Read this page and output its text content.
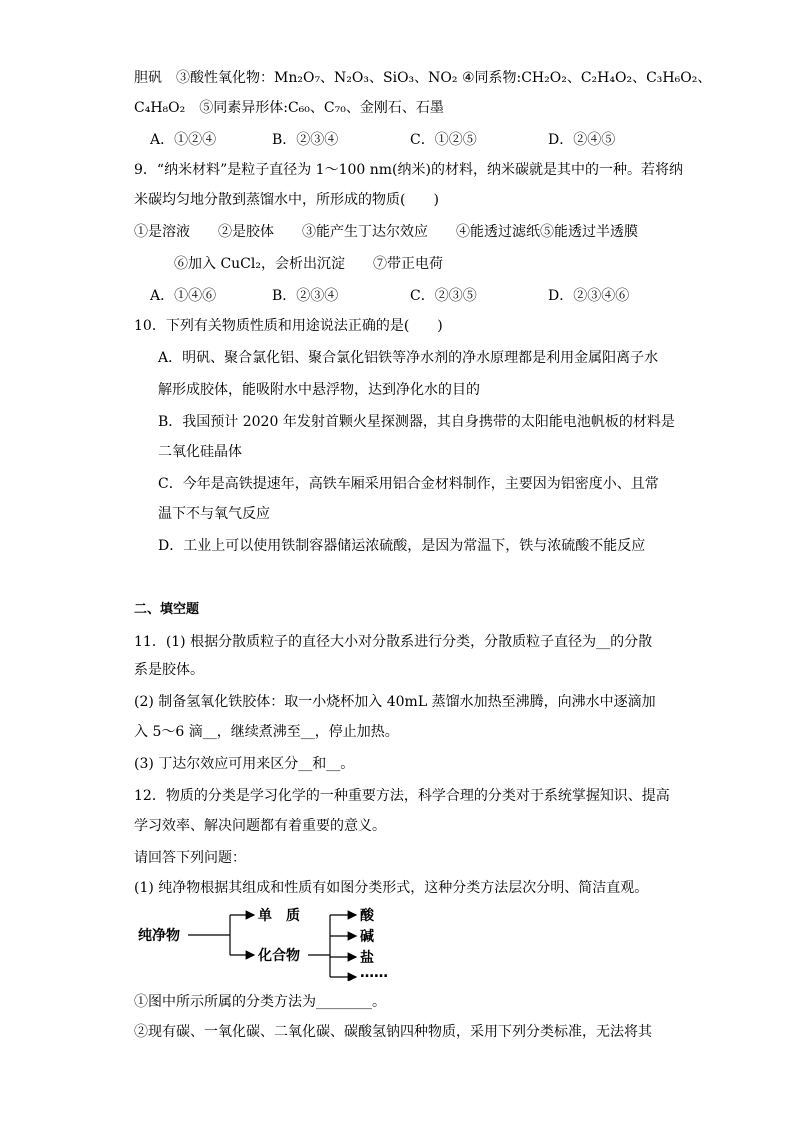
胆矾　③酸性氧化物：Mn₂O₇、N₂O₃、SiO₃、NO₂ ④同系物:CH₂O₂、C₂H₄O₂、C₃H₆O₂、
C₄H₈O₂　⑤同素异形体:C₆₀、C₇₀、金刚石、石墨
A．①②④	B．②③④	C．①②⑤	D．②④⑤
9．“纳米材料”是粒子直径为 1～100 nm(纳米)的材料，纳米碳就是其中的一种。若将纳
米碳均匀地分散到蒸馏水中，所形成的物质(　　)
①是溶液　　②是胶体　　③能产生丁达尔效应　　④能透过滤纸⑤能透过半透膜
⑥加入 CuCl₂，会析出沉淀　　⑦带正电荷
A．①④⑥	B．②③④	C．②③⑤	D．②③④⑥
10．下列有关物质性质和用途说法正确的是(　　)
A．明矾、聚合氯化铝、聚合氯化铝铁等净水剂的净水原理都是利用金属阳离子水
解形成胶体，能吸附水中悬浮物，达到净化水的目的
B．我国预计 2020 年发射首颗火星探测器，其自身携带的太阳能电池帆板的材料是
二氧化硅晶体
C．今年是高铁提速年，高铁车厢采用铝合金材料制作，主要因为铝密度小、且常
温下不与氧气反应
D．工业上可以使用铁制容器储运浓硫酸，是因为常温下，铁与浓硫酸不能反应
二、填空题
11．(1) 根据分散质粒子的直径大小对分散系进行分类，分散质粒子直径为__的分散
系是胶体。
(2) 制备氢氧化铁胶体：取一小烧杯加入 40mL 蒸馏水加热至沸腾，向沸水中逐滴加
入 5～6 滴__，继续煮沸至__，停止加热。
(3) 丁达尔效应可用来区分__和__。
12．物质的分类是学习化学的一种重要方法，科学合理的分类对于系统掌握知识、提高
学习效率、解决问题都有着重要的意义。
请回答下列问题：
(1) 纯净物根据其组成和性质有如图分类形式，这种分类方法层次分明、简洁直观。
纯净物
单　质
化合物
酸
碱
盐
……
①图中所示所属的分类方法为________。
②现有碳、一氧化碳、二氧化碳、碳酸氢钠四种物质，采用下列分类标准，无法将其
